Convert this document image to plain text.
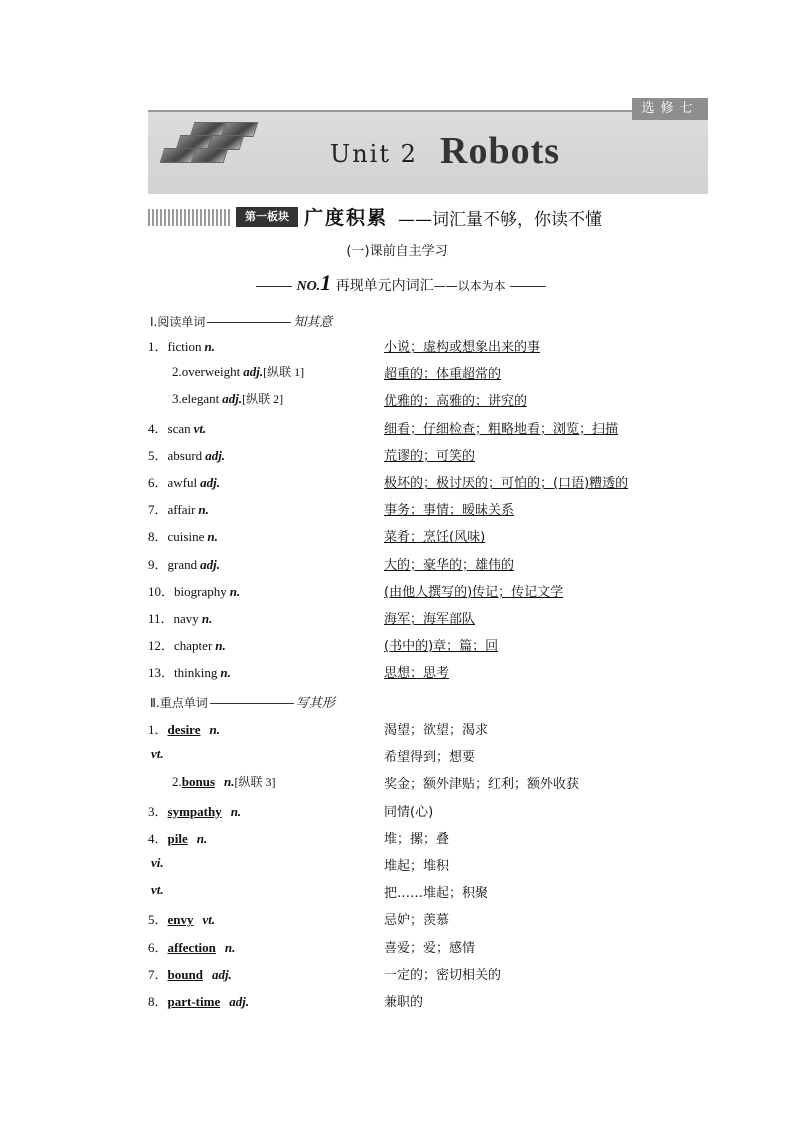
选修七
Unit 2 Robots
第一板块 广度积累 ——词汇量不够，你读不懂
(一)课前自主学习
NO.1 再现单元内词汇——以本为本
Ⅰ.阅读单词	知其意
1．fiction n.	小说；虚构或想象出来的事
2.overweight adj.[纵联 1]	超重的；体重超常的
3.elegant adj.[纵联 2]	优雅的；高雅的；讲究的
4．scan vt.	细看；仔细检查；粗略地看；浏览；扫描
5．absurd adj.	荒谬的；可笑的
6．awful adj.	极坏的；极讨厌的；可怕的；(口语)糟透的
7．affair n.	事务；事情；暧昧关系
8．cuisine n.	菜肴；烹饪(风味)
9．grand adj.	大的；豪华的；雄伟的
10．biography n.	(由他人撰写的)传记；传记文学
11．navy n.	海军；海军部队
12．chapter n.	(书中的)章；篇；回
13．thinking n.	思想；思考
Ⅱ.重点单词	写其形
1．desire n.	渴望；欲望；渴求
vt.	希望得到；想要
2.bonus n.[纵联 3]	奖金；额外津贴；红利；额外收获
3．sympathy n.	同情(心)
4．pile n.	堆；摞；叠
vi.	堆起；堆积
vt.	把……堆起；积聚
5．envy vt.	忌妒；羡慕
6．affection n.	喜爱；爱；感情
7．bound adj.	一定的；密切相关的
8．part-time adj.	兼职的
